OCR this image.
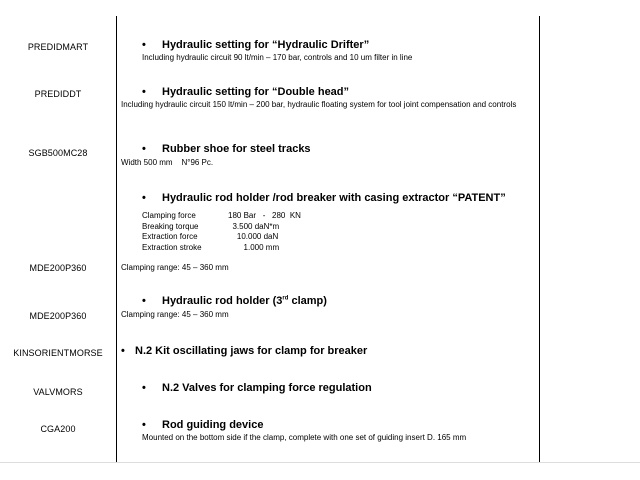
PREDIDMART	• Hydraulic setting for “Hydraulic Drifter”
Including hydraulic circuit 90 lt/min – 170 bar, controls and 10 um filter in line
PREDIDDT	• Hydraulic setting for “Double head”
Including hydraulic circuit 150 lt/min – 200 bar, hydraulic floating system for tool joint compensation and controls
SGB500MC28	• Rubber shoe for steel tracks
Width 500 mm    N°96 Pc.
• Hydraulic rod holder /rod breaker with casing extractor “PATENT”
Clamping force	180 Bar   -   280  KN
Breaking torque	3.500 daN*m
Extraction force	10.000 daN
Extraction stroke	1.000 mm
MDE200P360	Clamping range: 45 – 360 mm
• Hydraulic rod holder (3rd clamp)
MDE200P360	Clamping range: 45 – 360 mm
KINSORIENTMORSE	• N.2 Kit oscillating jaws for clamp for breaker
VALVMORS	• N.2 Valves for clamping force regulation
CGA200	• Rod guiding device
Mounted on the bottom side if the clamp, complete with one set of guiding insert D. 165 mm
